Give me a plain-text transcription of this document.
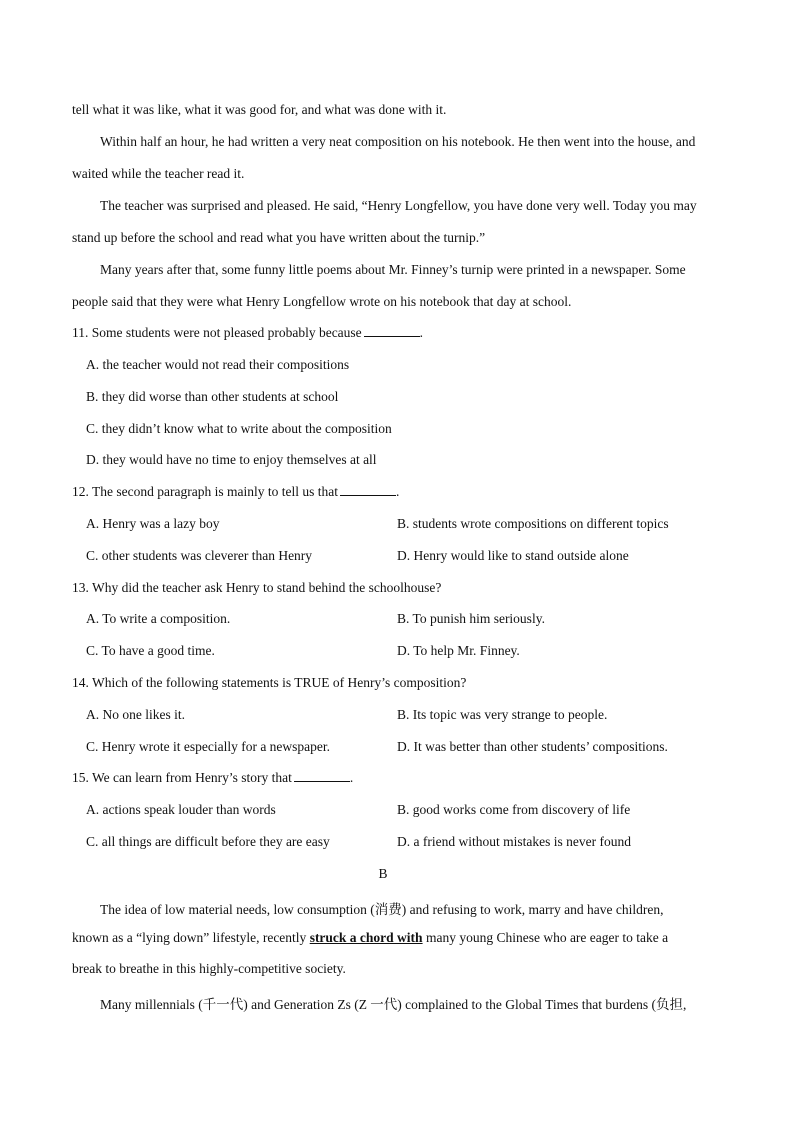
tell what it was like, what it was good for, and what was done with it.
Within half an hour, he had written a very neat composition on his notebook. He then went into the house, and
waited while the teacher read it.
The teacher was surprised and pleased. He said, “Henry Longfellow, you have done very well. Today you may
stand up before the school and read what you have written about the turnip.”
Many years after that, some funny little poems about Mr. Finney’s turnip were printed in a newspaper. Some
people said that they were what Henry Longfellow wrote on his notebook that day at school.
11. Some students were not pleased probably because	.
A. the teacher would not read their compositions
B. they did worse than other students at school
C. they didn’t know what to write about the composition
D. they would have no time to enjoy themselves at all
12. The second paragraph is mainly to tell us that	.
A. Henry was a lazy boy	B. students wrote compositions on different topics
C. other students was cleverer than Henry	D. Henry would like to stand outside alone
13. Why did the teacher ask Henry to stand behind the schoolhouse?
A. To write a composition.	B. To punish him seriously.
C. To have a good time.	D. To help Mr. Finney.
14. Which of the following statements is TRUE of Henry’s composition?
A. No one likes it.	B. Its topic was very strange to people.
C. Henry wrote it especially for a newspaper.	D. It was better than other students’ compositions.
15. We can learn from Henry’s story that	.
A. actions speak louder than words	B. good works come from discovery of life
C. all things are difficult before they are easy	D. a friend without mistakes is never found
B
The idea of low material needs, low consumption (消费) and refusing to work, marry and have children,
known as a “lying down” lifestyle, recently struck a chord with many young Chinese who are eager to take a
break to breathe in this highly-competitive society.
Many millennials (千一代) and Generation Zs (Z 一代) complained to the Global Times that burdens (负担,
